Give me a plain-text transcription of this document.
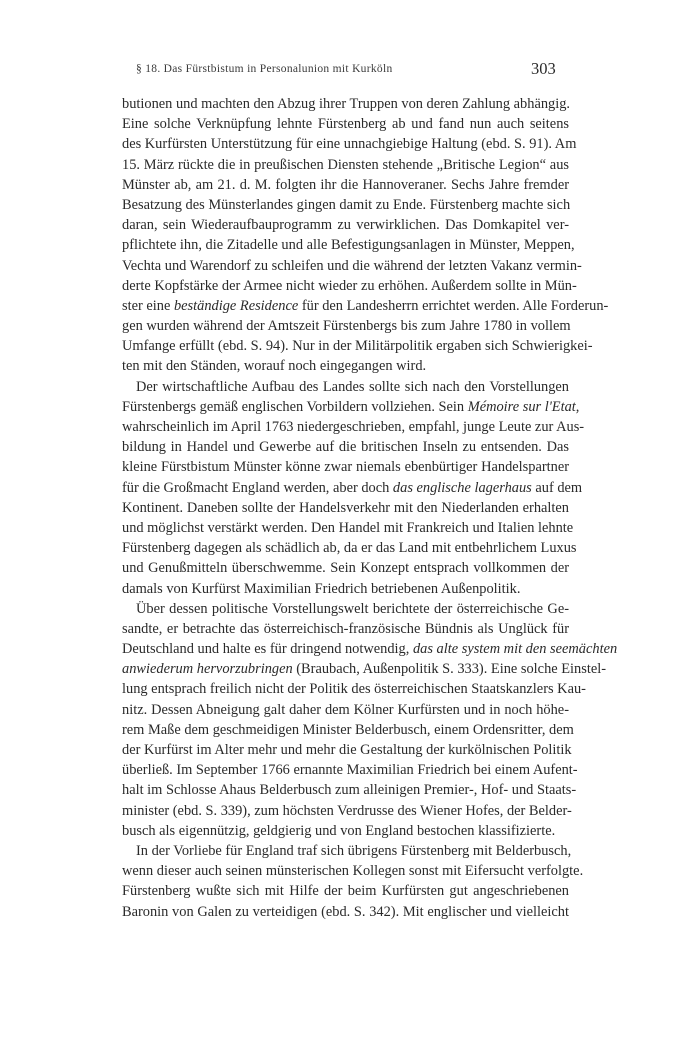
§ 18. Das Fürstbistum in Personalunion mit Kurköln	303
butionen und machten den Abzug ihrer Truppen von deren Zahlung abhängig.
Eine solche Verknüpfung lehnte Fürstenberg ab und fand nun auch seitens
des Kurfürsten Unterstützung für eine unnachgiebige Haltung (ebd. S. 91). Am
15. März rückte die in preußischen Diensten stehende „Britische Legion“ aus
Münster ab, am 21. d. M. folgten ihr die Hannoveraner. Sechs Jahre fremder
Besatzung des Münsterlandes gingen damit zu Ende. Fürstenberg machte sich
daran, sein Wiederaufbauprogramm zu verwirklichen. Das Domkapitel ver-
pflichtete ihn, die Zitadelle und alle Befestigungsanlagen in Münster, Meppen,
Vechta und Warendorf zu schleifen und die während der letzten Vakanz vermin-
derte Kopfstärke der Armee nicht wieder zu erhöhen. Außerdem sollte in Mün-
ster eine beständige Residence für den Landesherrn errichtet werden. Alle Forderun-
gen wurden während der Amtszeit Fürstenbergs bis zum Jahre 1780 in vollem
Umfange erfüllt (ebd. S. 94). Nur in der Militärpolitik ergaben sich Schwierigkei-
ten mit den Ständen, worauf noch eingegangen wird.
Der wirtschaftliche Aufbau des Landes sollte sich nach den Vorstellungen
Fürstenbergs gemäß englischen Vorbildern vollziehen. Sein Mémoire sur l'Etat,
wahrscheinlich im April 1763 niedergeschrieben, empfahl, junge Leute zur Aus-
bildung in Handel und Gewerbe auf die britischen Inseln zu entsenden. Das
kleine Fürstbistum Münster könne zwar niemals ebenbürtiger Handelspartner
für die Großmacht England werden, aber doch das englische lagerhaus auf dem
Kontinent. Daneben sollte der Handelsverkehr mit den Niederlanden erhalten
und möglichst verstärkt werden. Den Handel mit Frankreich und Italien lehnte
Fürstenberg dagegen als schädlich ab, da er das Land mit entbehrlichem Luxus
und Genußmitteln überschwemme. Sein Konzept entsprach vollkommen der
damals von Kurfürst Maximilian Friedrich betriebenen Außenpolitik.
Über dessen politische Vorstellungswelt berichtete der österreichische Ge-
sandte, er betrachte das österreichisch-französische Bündnis als Unglück für
Deutschland und halte es für dringend notwendig, das alte system mit den seemächten
anwiederum hervorzubringen (Braubach, Außenpolitik S. 333). Eine solche Einstel-
lung entsprach freilich nicht der Politik des österreichischen Staatskanzlers Kau-
nitz. Dessen Abneigung galt daher dem Kölner Kurfürsten und in noch höhe-
rem Maße dem geschmeidigen Minister Belderbusch, einem Ordensritter, dem
der Kurfürst im Alter mehr und mehr die Gestaltung der kurkölnischen Politik
überließ. Im September 1766 ernannte Maximilian Friedrich bei einem Aufent-
halt im Schlosse Ahaus Belderbusch zum alleinigen Premier-, Hof- und Staats-
minister (ebd. S. 339), zum höchsten Verdrusse des Wiener Hofes, der Belder-
busch als eigennützig, geldgierig und von England bestochen klassifizierte.
In der Vorliebe für England traf sich übrigens Fürstenberg mit Belderbusch,
wenn dieser auch seinen münsterischen Kollegen sonst mit Eifersucht verfolgte.
Fürstenberg wußte sich mit Hilfe der beim Kurfürsten gut angeschriebenen
Baronin von Galen zu verteidigen (ebd. S. 342). Mit englischer und vielleicht
